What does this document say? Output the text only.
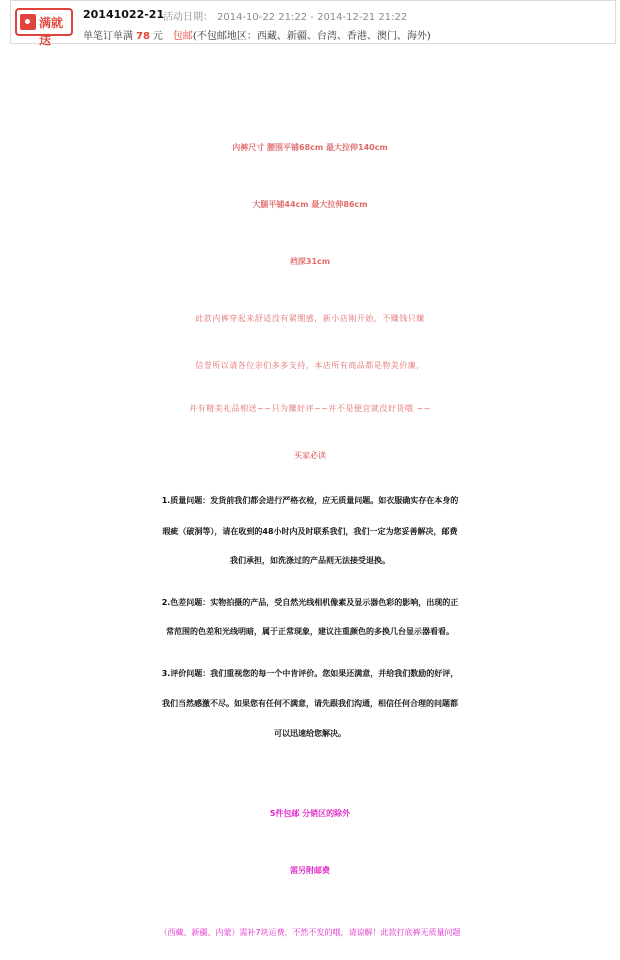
满就送
20141022-21
活动日期： 2014-10-22 21:22 - 2014-12-21 21:22
单笔订单满 78 元 包邮(不包邮地区：西藏、新疆、台湾、香港、澳门、海外)
内裤尺寸 腰围平铺68cm 最大拉伸140cm
大腿平铺44cm 最大拉伸86cm
裆深31cm
此款内裤穿起来舒适没有紧绷感，新小店刚开始，不赚钱只赚
信誉所以请各位亲们多多支持，本店所有商品都是物美价廉，
并有精美礼品相送~~只为赚好评~~并不是便宜就没好货哦 ~~
买家必读
1.质量问题：发货前我们都会进行严格衣检，应无质量问题。如衣服确实存在本身的
瑕疵（破洞等），请在收到的48小时内及时联系我们，我们一定为您妥善解决，邮费
我们承担，如洗涤过的产品则无法接受退换。
2.色差问题：实物拍摄的产品，受自然光线相机像素及显示器色彩的影响，出现的正
常范围的色差和光线明暗，属于正常现象，建议注重颜色的多换几台显示器看看。
3.评价问题：我们重视您的每一个中肯评价。您如果还满意，并给我们数励的好评，
我们当然感激不尽。如果您有任何不满意，请先跟我们沟通，相信任何合理的问题都
可以迅速给您解决。
5件包邮 分销区的除外
需另附邮费
（西藏、新疆、内蒙）需补7块运费，不然不发的哦，请谅解！此款打底裤无质量问题
